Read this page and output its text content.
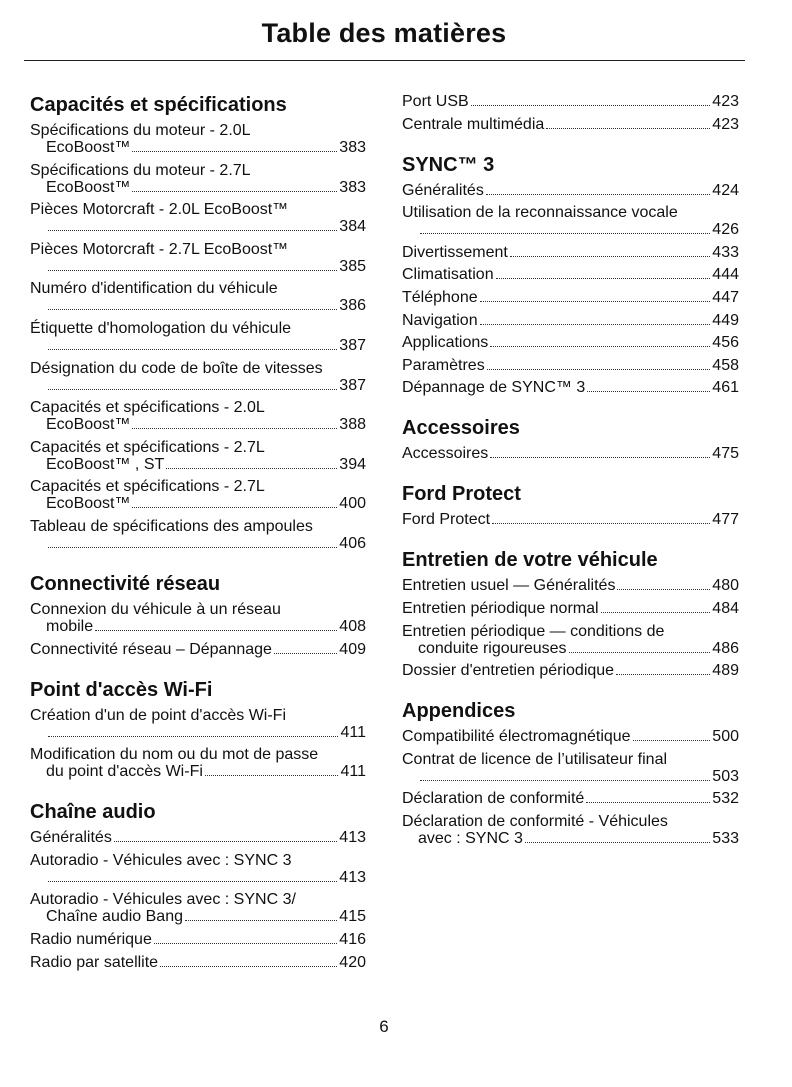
Table des matières
Capacités et spécifications
Spécifications du moteur - 2.0L
EcoBoost™	383
Spécifications du moteur - 2.7L
EcoBoost™	383
Pièces Motorcraft - 2.0L EcoBoost™
384
Pièces Motorcraft - 2.7L EcoBoost™
385
Numéro d'identification du véhicule
386
Étiquette d'homologation du véhicule
387
Désignation du code de boîte de vitesses
387
Capacités et spécifications - 2.0L
EcoBoost™	388
Capacités et spécifications - 2.7L
EcoBoost™ , ST	394
Capacités et spécifications - 2.7L
EcoBoost™	400
Tableau de spécifications des ampoules
406
Connectivité réseau
Connexion du véhicule à un réseau
mobile	408
Connectivité réseau – Dépannage	409
Point d'accès Wi-Fi
Création d'un de point d'accès Wi-Fi
411
Modification du nom ou du mot de passe
du point d'accès Wi-Fi	411
Chaîne audio
Généralités	413
Autoradio - Véhicules avec : SYNC 3
413
Autoradio - Véhicules avec : SYNC 3/
Chaîne audio Bang	415
Radio numérique	416
Radio par satellite	420
Port USB	423
Centrale multimédia	423
SYNC™ 3
Généralités	424
Utilisation de la reconnaissance vocale
426
Divertissement	433
Climatisation	444
Téléphone	447
Navigation	449
Applications	456
Paramètres	458
Dépannage de SYNC™ 3	461
Accessoires
Accessoires	475
Ford Protect
Ford Protect	477
Entretien de votre véhicule
Entretien usuel — Généralités	480
Entretien périodique normal	484
Entretien périodique — conditions de
conduite rigoureuses	486
Dossier d'entretien périodique	489
Appendices
Compatibilité électromagnétique	500
Contrat de licence de l’utilisateur final
503
Déclaration de conformité	532
Déclaration de conformité - Véhicules
avec : SYNC 3	533
6
